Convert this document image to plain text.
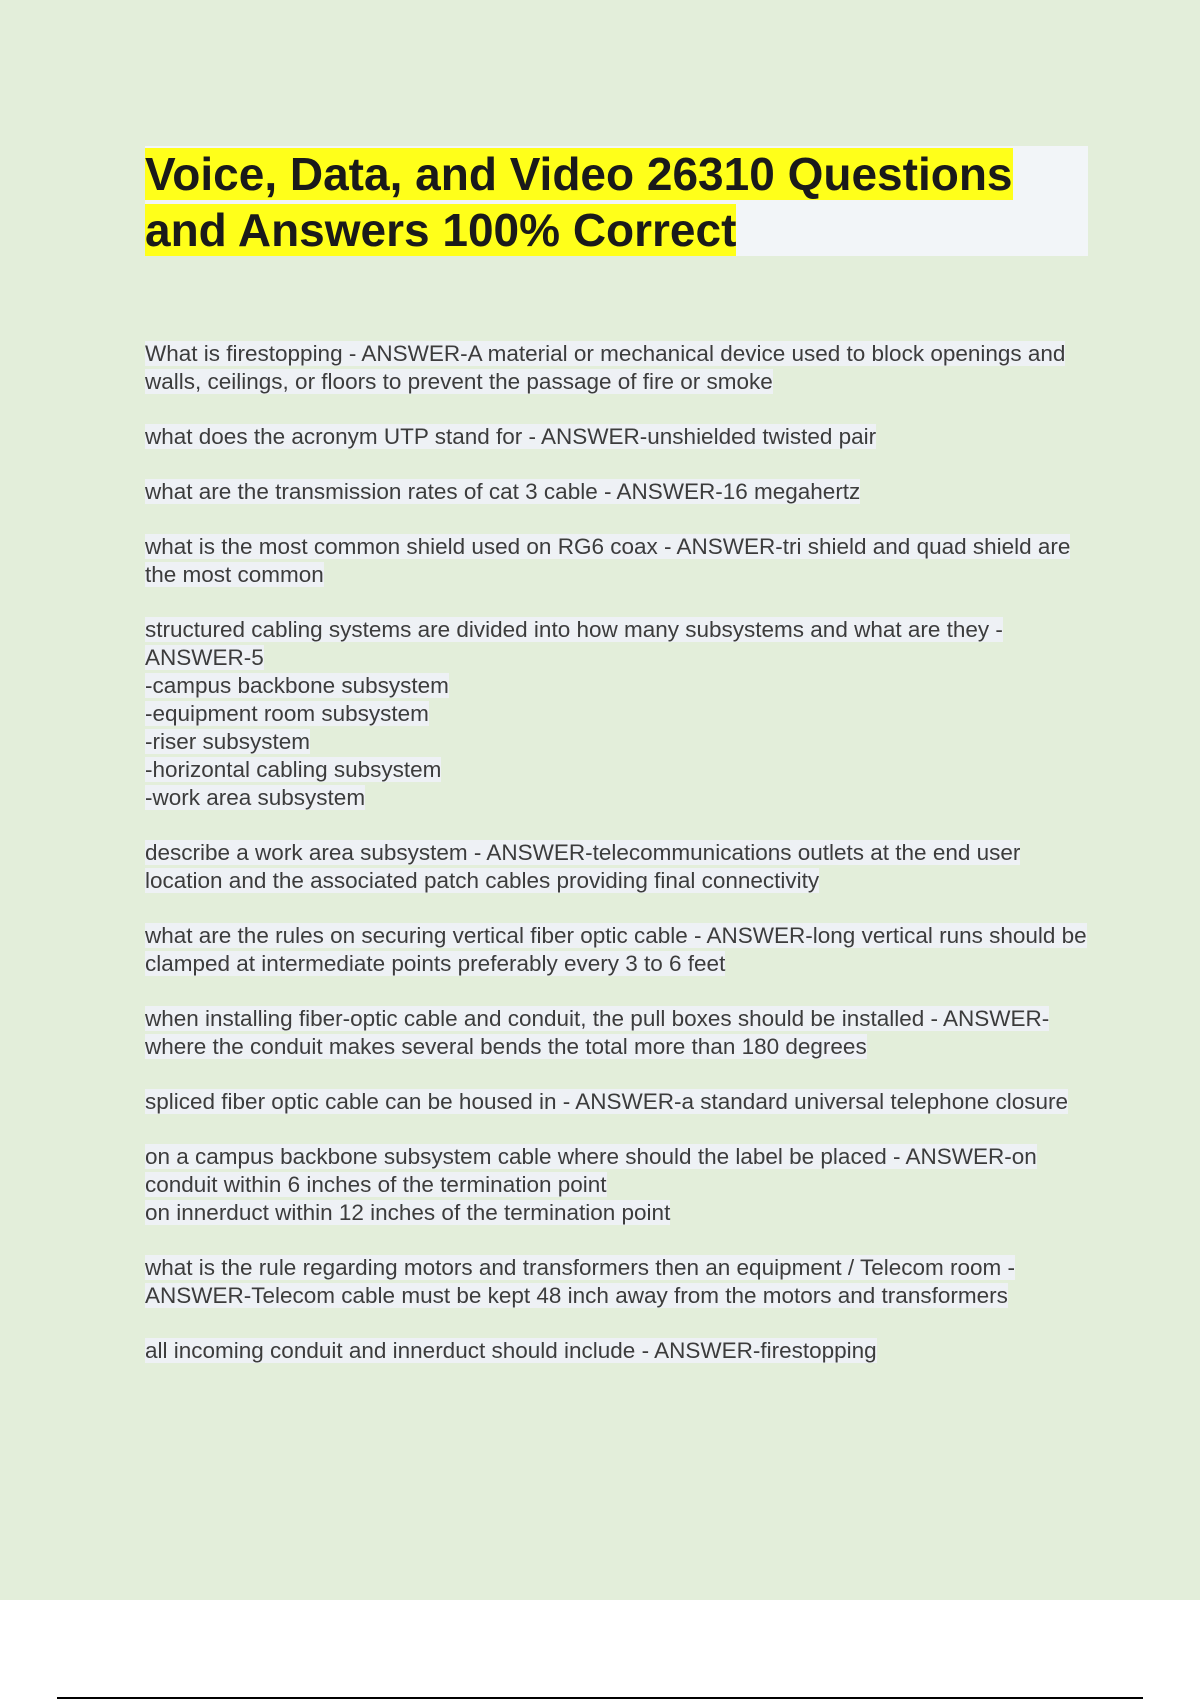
Voice, Data, and Video 26310 Questions and Answers 100% Correct

What is firestopping - ANSWER-A material or mechanical device used to block openings and walls, ceilings, or floors to prevent the passage of fire or smoke

what does the acronym UTP stand for - ANSWER-unshielded twisted pair

what are the transmission rates of cat 3 cable - ANSWER-16 megahertz

what is the most common shield used on RG6 coax - ANSWER-tri shield and quad shield are the most common

structured cabling systems are divided into how many subsystems and what are they - ANSWER-5
-campus backbone subsystem
-equipment room subsystem
-riser subsystem
-horizontal cabling subsystem
-work area subsystem

describe a work area subsystem - ANSWER-telecommunications outlets at the end user location and the associated patch cables providing final connectivity

what are the rules on securing vertical fiber optic cable - ANSWER-long vertical runs should be clamped at intermediate points preferably every 3 to 6 feet

when installing fiber-optic cable and conduit, the pull boxes should be installed - ANSWER-where the conduit makes several bends the total more than 180 degrees

spliced fiber optic cable can be housed in - ANSWER-a standard universal telephone closure

on a campus backbone subsystem cable where should the label be placed - ANSWER-on conduit within 6 inches of the termination point
on innerduct within 12 inches of the termination point

what is the rule regarding motors and transformers then an equipment / Telecom room - ANSWER-Telecom cable must be kept 48 inch away from the motors and transformers

all incoming conduit and innerduct should include - ANSWER-firestopping
